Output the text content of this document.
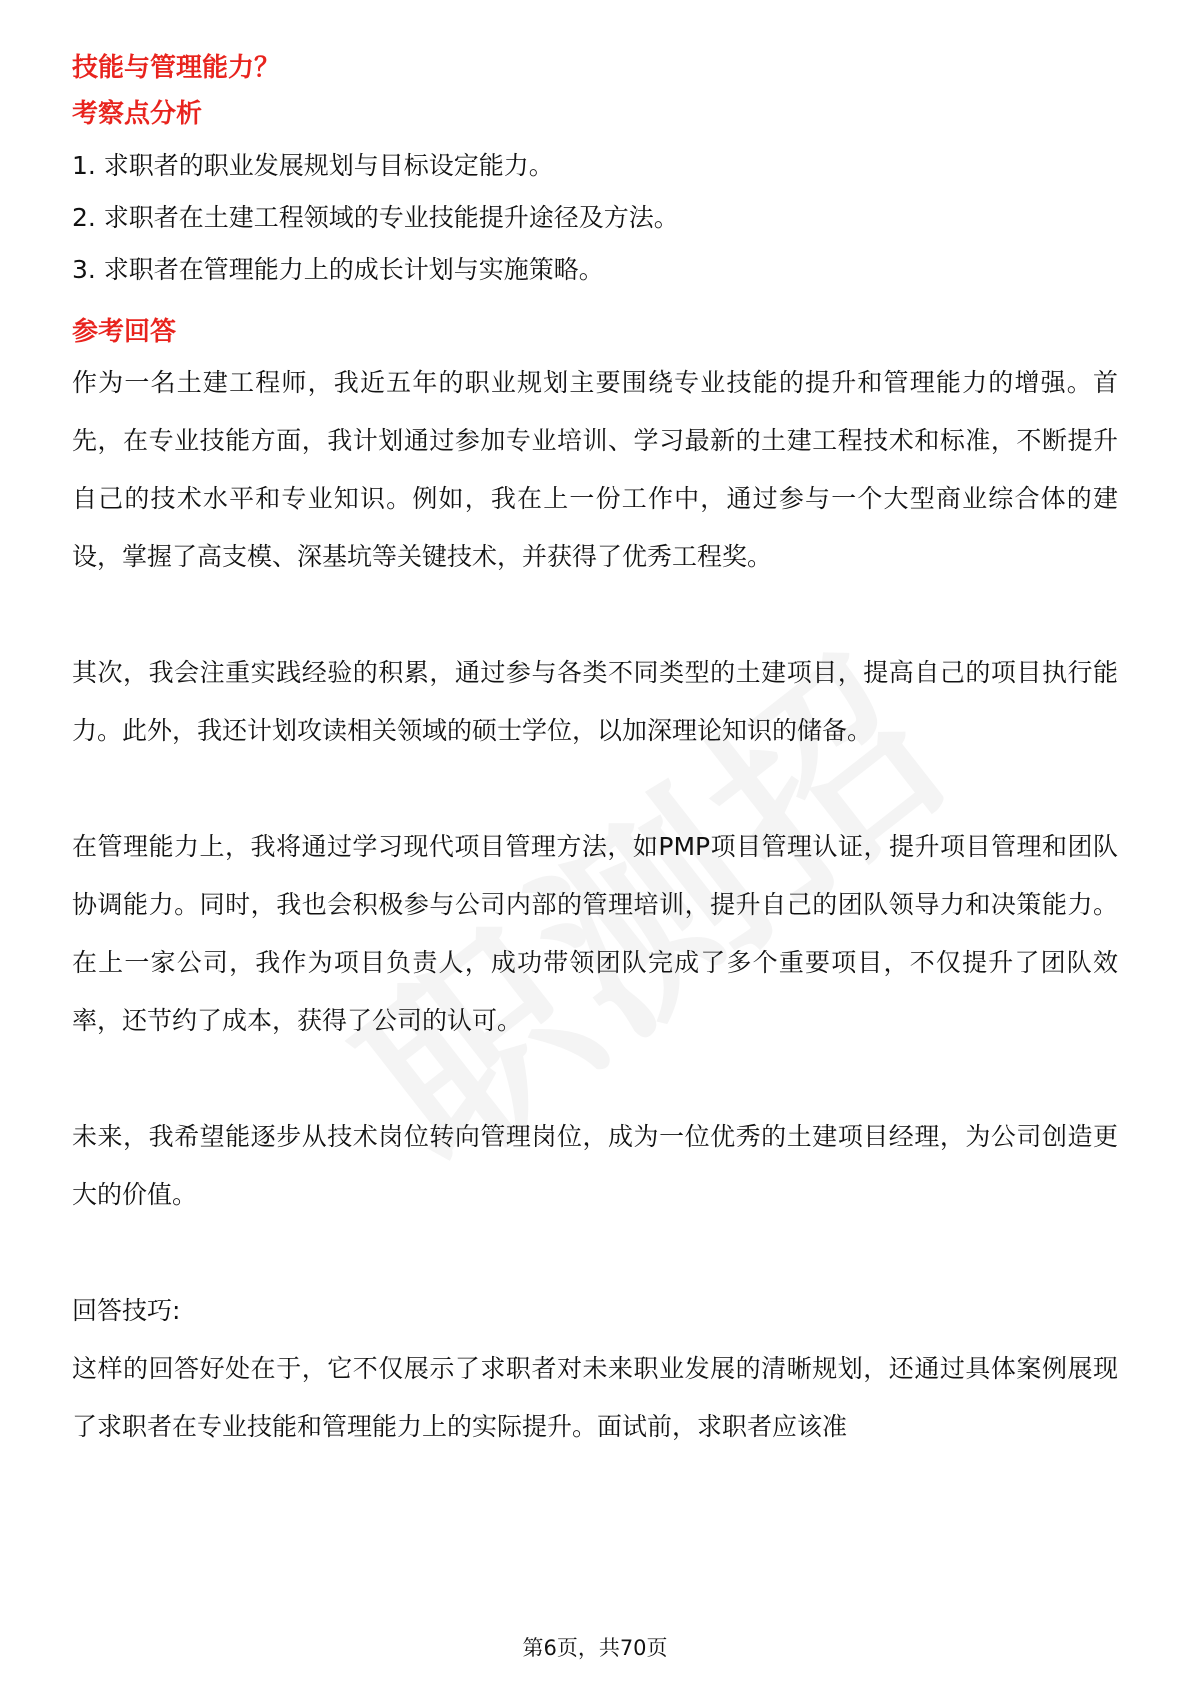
技能与管理能力？

考察点分析

1. 求职者的职业发展规划与目标设定能力。

2. 求职者在土建工程领域的专业技能提升途径及方法。

3. 求职者在管理能力上的成长计划与实施策略。

参考回答

作为一名土建工程师，我近五年的职业规划主要围绕专业技能的提升和管理能力的增强。首先，在专业技能方面，我计划通过参加专业培训、学习最新的土建工程技术和标准，不断提升自己的技术水平和专业知识。例如，我在上一份工作中，通过参与一个大型商业综合体的建设，掌握了高支模、深基坑等关键技术，并获得了优秀工程奖。

其次，我会注重实践经验的积累，通过参与各类不同类型的土建项目，提高自己的项目执行能力。此外，我还计划攻读相关领域的硕士学位，以加深理论知识的储备。

在管理能力上，我将通过学习现代项目管理方法，如PMP项目管理认证，提升项目管理和团队协调能力。同时，我也会积极参与公司内部的管理培训，提升自己的团队领导力和决策能力。在上一家公司，我作为项目负责人，成功带领团队完成了多个重要项目，不仅提升了团队效率，还节约了成本，获得了公司的认可。

未来，我希望能逐步从技术岗位转向管理岗位，成为一位优秀的土建项目经理，为公司创造更大的价值。

回答技巧:

这样的回答好处在于，它不仅展示了求职者对未来职业发展的清晰规划，还通过具体案例展现了求职者在专业技能和管理能力上的实际提升。面试前，求职者应该准

第6页，共70页
